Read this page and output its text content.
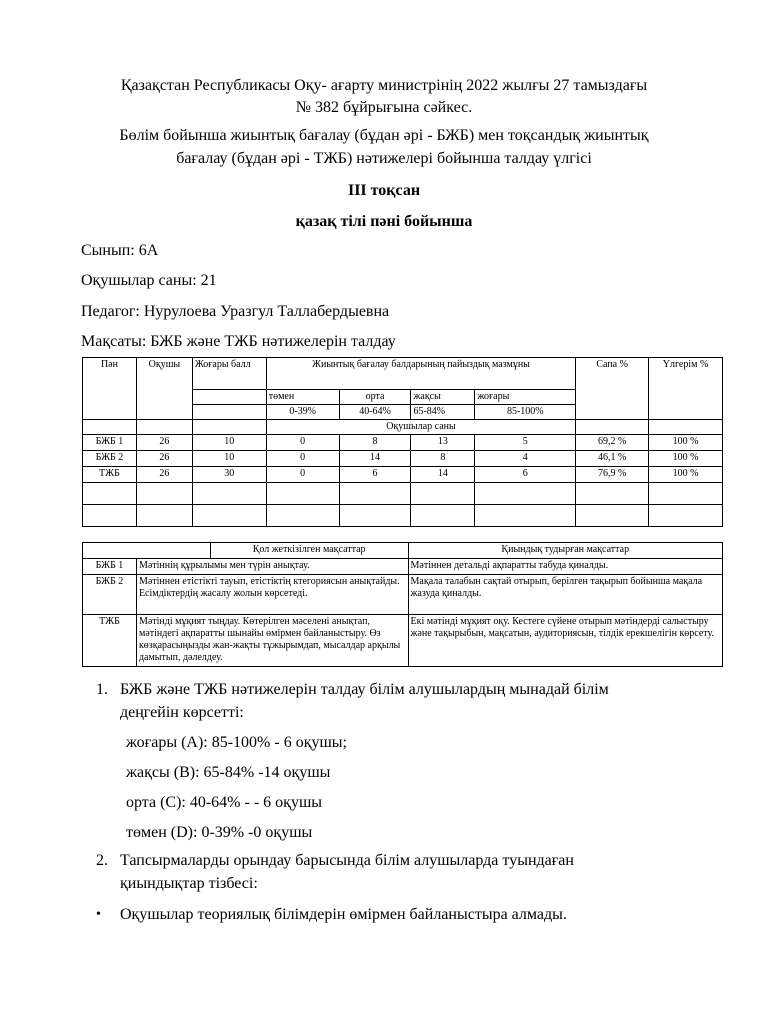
Қазақстан Республикасы Оқу- ағарту министрінің 2022 жылғы 27 тамыздағы
№ 382 бұйрығына сәйкес.
Бөлім бойынша жиынтық бағалау (бұдан әрі - БЖБ) мен тоқсандық жиынтық
бағалау (бұдан әрі - ТЖБ) нәтижелері бойынша талдау үлгісі
ІІІ тоқсан
қазақ тілі пәні бойынша
Сынып: 6А
Оқушылар саны: 21
Педагог: Нурулоева Уразгул Таллабердыевна
Мақсаты: БЖБ және ТЖБ нәтижелерін талдау
Пән	Оқушы	Жоғары балл	Жиынтық бағалау балдарының пайыздық мазмұны				Сапа %	Үлгерім %
			төмен	орта	жақсы	жоғары		
			0-39%	40-64%	65-84%	85-100%		
			Оқушылар саны					
БЖБ 1	26	10	0	8	13	5	69,2 %	100 %
БЖБ 2	26	10	0	14	8	4	46,1 %	100 %
ТЖБ	26	30	0	6	14	6	76,9 %	100 %

		Қол жеткізілген мақсаттар	Қиындық тудырған мақсаттар
БЖБ 1	Мәтіннің құрылымы мен түрін анықтау.		Мәтіннен детальді ақпаратты табуда қиналды.
БЖБ 2	Мәтіннен етістікті тауып, етістіктің ктегориясын анықтайды. Есімдіктердің жасалу жолын көрсетеді.		Мақала талабын сақтай отырып, берілген тақырып бойынша мақала жазуда қиналды.
ТЖБ	Мәтінді мұқият тыңдау. Көтерілген мәселені анықтап, мәтіндегі ақпаратты шынайы өмірмен байланыстыру. Өз көзқарасыңызды жан-жақты тұжырымдап, мысалдар арқылы дамытып, дәлелдеу.		Екі мәтінді мұқият оқу. Кестеге сүйене отырып мәтіндерді салыстыру және тақырыбын, мақсатын, аудиториясын, тілдік ерекшелігін көрсету.
1. БЖБ және ТЖБ нәтижелерін талдау білім алушылардың мынадай білім
деңгейін көрсетті:
жоғары (A): 85-100% - 6 оқушы;
жақсы (B): 65-84% -14 оқушы
орта (C): 40-64% - - 6 оқушы
төмен (D): 0-39% -0 оқушы
2. Тапсырмаларды орындау барысында білім алушыларда туындаған
қиындықтар тізбесі:
• Оқушылар теориялық білімдерін өмірмен байланыстыра алмады.
